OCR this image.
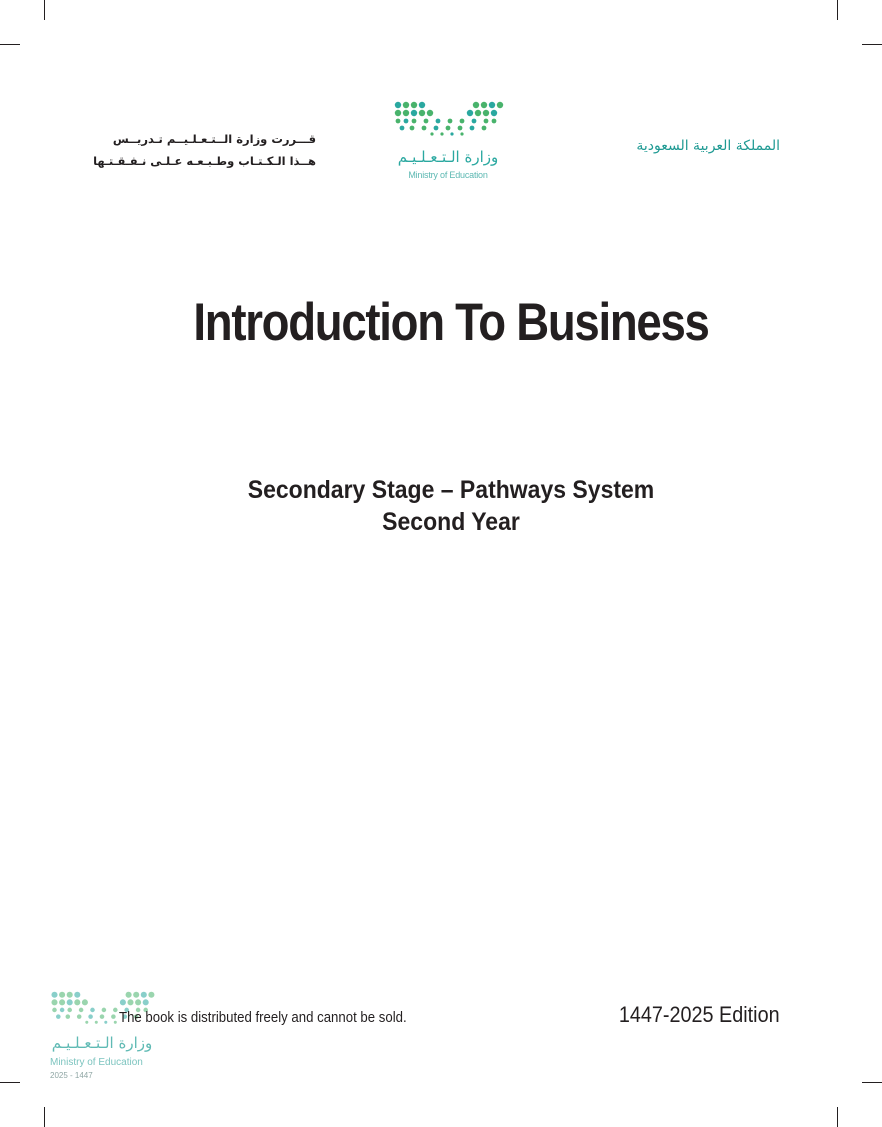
قـــررت وزارة الــتـعـلـيــم تـدريــس
هــذا الـكـتـاب وطـبـعـه عـلـى نـفـقـتـها	وزارة الـتـعـلـيـم
Ministry of Education
المملكة العربية السعودية
Introduction To Business
Secondary Stage – Pathways System
Second Year
وزارة الـتـعـلـيـم
Ministry of Education
2025 - 1447
The book is distributed freely and cannot be sold.	1447-2025 Edition
